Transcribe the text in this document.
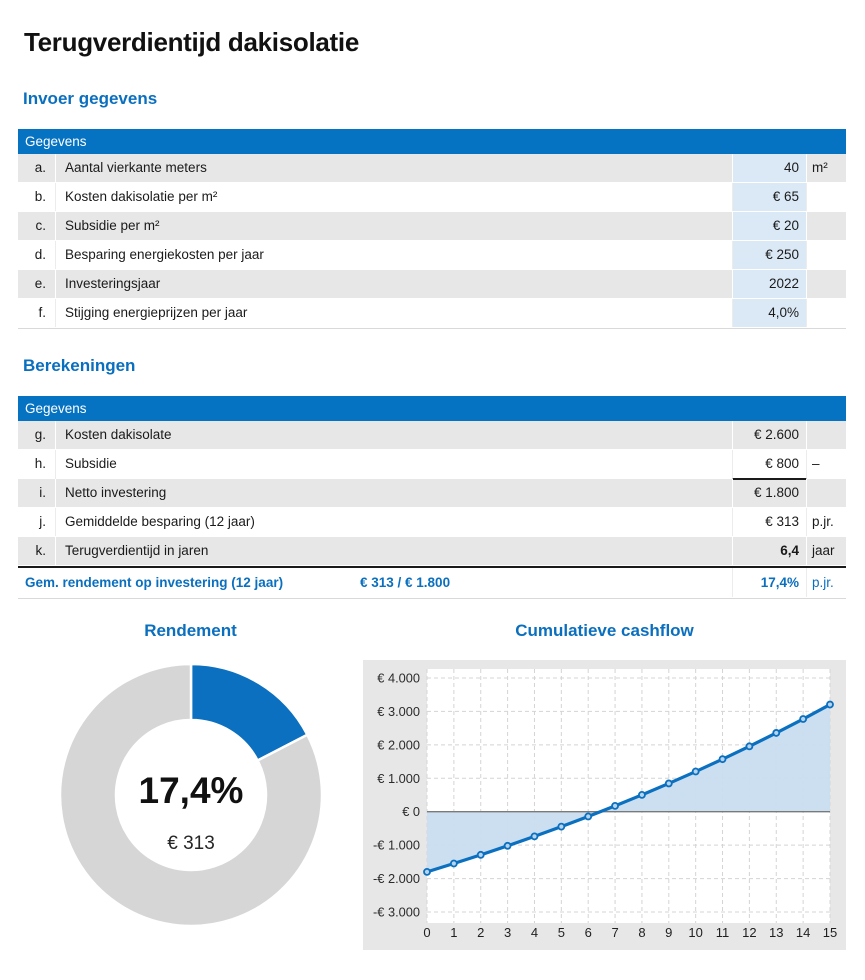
Terugverdientijd dakisolatie
Invoer gegevens
Gegevens
a.	Aantal vierkante meters	40 m²
b.	Kosten dakisolatie per m²	€ 65
c.	Subsidie per m²	€ 20
d.	Besparing energiekosten per jaar	€ 250
e.	Investeringsjaar	2022
f.	Stijging energieprijzen per jaar	4,0%
Berekeningen
Gegevens
g.	Kosten dakisolate	€ 2.600
h.	Subsidie	€ 800 –
i.	Netto investering	€ 1.800
j.	Gemiddelde besparing (12 jaar)	€ 313 p.jr.
k.	Terugverdientijd in jaren	6,4 jaar
Gem. rendement op investering (12 jaar)	€ 313 / € 1.800	17,4% p.jr.
Rendement
17,4%
€ 313
Cumulatieve cashflow
€ 4.000
€ 3.000
€ 2.000
€ 1.000
€ 0
-€ 1.000
-€ 2.000
-€ 3.000
0 1 2 3 4 5 6 7 8 9 10 11 12 13 14 15
